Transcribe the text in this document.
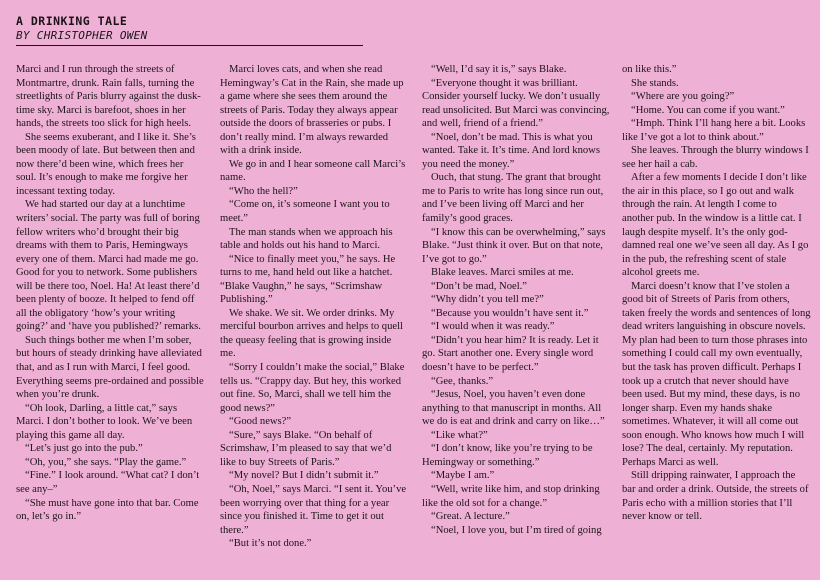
A DRINKING TALE
BY CHRISTOPHER OWEN

Marci and I run through the streets of Montmartre, drunk. Rain falls, turning the streetlights of Paris blurry against the dusk-time sky. Marci is barefoot, shoes in her hands, the streets too slick for high heels.

She seems exuberant, and I like it. She’s been moody of late. But between then and now there’d been wine, which frees her soul. It’s enough to make me forgive her incessant texting today.

We had started our day at a lunchtime writers’ social. The party was full of boring fellow writers who’d brought their big dreams with them to Paris, Hemingways every one of them. Marci had made me go. Good for you to network. Some publishers will be there too, Noel. Ha! At least there’d been plenty of booze. It helped to fend off all the obligatory ‘how’s your writing going?’ and ‘have you published?’ remarks.

Such things bother me when I’m sober, but hours of steady drinking have alleviated that, and as I run with Marci, I feel good. Everything seems pre-ordained and possible when you’re drunk.

“Oh look, Darling, a little cat,” says Marci. I don’t bother to look. We’ve been playing this game all day.

“Let’s just go into the pub.”

“Oh, you,” she says. “Play the game.”

“Fine.” I look around. “What cat? I don’t see any–”

“She must have gone into that bar. Come on, let’s go in.”

Marci loves cats, and when she read Hemingway’s Cat in the Rain, she made up a game where she sees them around the streets of Paris. Today they always appear outside the doors of brasseries or pubs. I don’t really mind. I’m always rewarded with a drink inside.

We go in and I hear someone call Marci’s name.

“Who the hell?”

“Come on, it’s someone I want you to meet.”

The man stands when we approach his table and holds out his hand to Marci.

“Nice to finally meet you,” he says. He turns to me, hand held out like a hatchet. “Blake Vaughn,” he says, “Scrimshaw Publishing.”

We shake. We sit. We order drinks. My merciful bourbon arrives and helps to quell the queasy feeling that is growing inside me.

“Sorry I couldn’t make the social,” Blake tells us. “Crappy day. But hey, this worked out fine. So, Marci, shall we tell him the good news?”

“Good news?”

“Sure,” says Blake. “On behalf of Scrimshaw, I’m pleased to say that we’d like to buy Streets of Paris.”

“My novel? But I didn’t submit it.”

“Oh, Noel,” says Marci. “I sent it. You’ve been worrying over that thing for a year since you finished it. Time to get it out there.”

“But it’s not done.”

“Well, I’d say it is,” says Blake.

“Everyone thought it was brilliant. Consider yourself lucky. We don’t usually read unsolicited. But Marci was convincing, and well, friend of a friend.”

“Noel, don’t be mad. This is what you wanted. Take it. It’s time. And lord knows you need the money.”

Ouch, that stung. The grant that brought me to Paris to write has long since run out, and I’ve been living off Marci and her family’s good graces.

“I know this can be overwhelming,” says Blake. “Just think it over. But on that note, I’ve got to go.”

Blake leaves. Marci smiles at me.

“Don’t be mad, Noel.”

“Why didn’t you tell me?”

“Because you wouldn’t have sent it.”

“I would when it was ready.”

“Didn’t you hear him? It is ready. Let it go. Start another one. Every single word doesn’t have to be perfect.”

“Gee, thanks.”

“Jesus, Noel, you haven’t even done anything to that manuscript in months. All we do is eat and drink and carry on like…”

“Like what?”

“I don’t know, like you’re trying to be Hemingway or something.”

“Maybe I am.”

“Well, write like him, and stop drinking like the old sot for a change.”

“Great. A lecture.”

“Noel, I love you, but I’m tired of going

on like this.”

She stands.

“Where are you going?”

“Home. You can come if you want.”

“Hmph. Think I’ll hang here a bit. Looks like I’ve got a lot to think about.”

She leaves. Through the blurry windows I see her hail a cab.

After a few moments I decide I don’t like the air in this place, so I go out and walk through the rain. At length I come to another pub. In the window is a little cat. I laugh despite myself. It’s the only god-damned real one we’ve seen all day. As I go in the pub, the refreshing scent of stale alcohol greets me.

Marci doesn’t know that I’ve stolen a good bit of Streets of Paris from others, taken freely the words and sentences of long dead writers languishing in obscure novels. My plan had been to turn those phrases into something I could call my own eventually, but the task has proven difficult. Perhaps I took up a crutch that never should have been used. But my mind, these days, is no longer sharp. Even my hands shake sometimes. Whatever, it will all come out soon enough. Who knows how much I will lose? The deal, certainly. My reputation. Perhaps Marci as well.

Still dripping rainwater, I approach the bar and order a drink. Outside, the streets of Paris echo with a million stories that I’ll never know or tell.
